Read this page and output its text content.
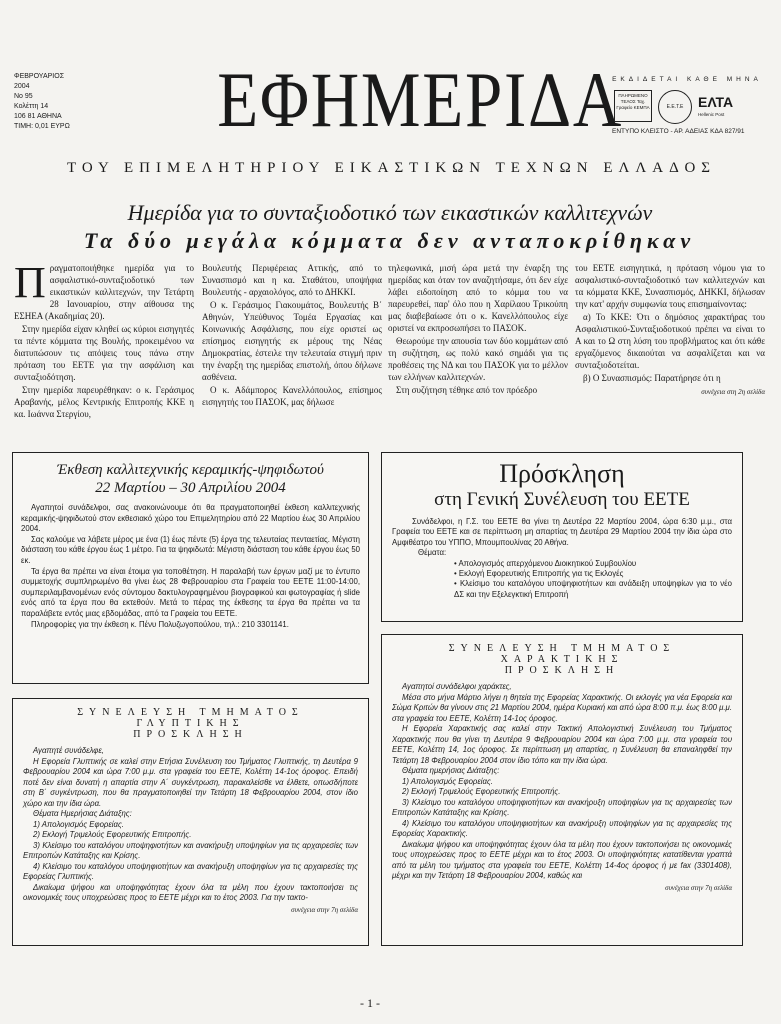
ΦΕΒΡΟΥΑΡΙΟΣ
2004
Νο 95
Κολέττη 14
106 81 ΑΘΗΝΑ
ΤΙΜΗ: 0,01 ΕΥΡΩ ΕΦΗΜΕΡΙΔΑ
ΕΚΔΙΔΕΤΑΙ ΚΑΘΕ ΜΗΝΑ
ΠΛΗΡΩΜΕΝΟ ΤΕΛΟΣ Ταχ. Γραφείο ΚΕΜΠΑ	Ε.Ε.Τ.Ε	ΕΛΤΑ
Hellenic Post
ΕΝΤΥΠΟ ΚΛΕΙΣΤΟ - ΑΡ. ΑΔΕΙΑΣ ΚΔΑ 827/91
ΤΟΥ ΕΠΙΜΕΛΗΤΗΡΙΟΥ ΕΙΚΑΣΤΙΚΩΝ ΤΕΧΝΩΝ ΕΛΛΑΔΟΣ
Ημερίδα για το συνταξιοδοτικό των εικαστικών καλλιτεχνών
Τα δύο μεγάλα κόμματα δεν ανταποκρίθηκαν
Π ραγματοποιήθηκε ημερίδα για το ασφαλιστικό-συνταξιοδοτικό των εικαστικών καλλιτεχνών, την Τετάρτη 28 Ιανουαρίου, στην αίθουσα της ΕΣΗΕΑ (Ακαδημίας 20).

Στην ημερίδα είχαν κληθεί ως κύριοι εισηγητές τα πέντε κόμματα της Βουλής, προκειμένου να διατυπώσουν τις απόψεις τους πάνω στην πρόταση του ΕΕΤΕ για την ασφάλιση και συνταξιοδότηση.

Στην ημερίδα παρευρέθηκαν: ο κ. Γεράσιμος Αραβανής, μέλος Κεντρικής Επιτροπής ΚΚΕ η κα. Ιωάννα Στεργίου,

Βουλευτής Περιφέρειας Αττικής, από το Συνασπισμό και η κα. Σταθάτου, υποψήφια Βουλευτής - αρχαιολόγος, από το ΔΗΚΚΙ.

Ο κ. Γεράσιμος Γιακουμάτος, Βουλευτής Β΄ Αθηνών, Υπεύθυνος Τομέα Εργασίας και Κοινωνικής Ασφάλισης, που είχε οριστεί ως επίσημος εισηγητής εκ μέρους της Νέας Δημοκρατίας, έστειλε την τελευταία στιγμή πριν την έναρξη της ημερίδας επιστολή, όπου δήλωνε ασθένεια.

Ο κ. Αδάμπορος Κανελλόπουλος, επίσημος εισηγητής του ΠΑΣΟΚ, μας δήλωσε

τηλεφωνικά, μισή ώρα μετά την έναρξη της ημερίδας και όταν τον αναζητήσαμε, ότι δεν είχε λάβει ειδοποίηση από το κόμμα του να παρευρεθεί, παρ' όλο που η Χαρίλαου Τρικούπη μας διαβεβαίωσε ότι ο κ. Κανελλόπουλος είχε οριστεί να εκπροσωπήσει το ΠΑΣΟΚ.

Θεωρούμε την απουσία των δύο κομμάτων από τη συζήτηση, ως πολύ κακό σημάδι για τις προθέσεις της ΝΔ και του ΠΑΣΟΚ για το μέλλον των ελλήνων καλλιτεχνών.

Στη συζήτηση τέθηκε από τον πρόεδρο

του ΕΕΤΕ εισηγητικά, η πρόταση νόμου για το ασφαλιστικό-συνταξιοδοτικό των καλλιτεχνών και τα κόμματα ΚΚΕ, Συνασπισμός, ΔΗΚΚΙ, δήλωσαν την κατ' αρχήν συμφωνία τους επισημαίνοντας:

α) Το ΚΚΕ: Ότι ο δημόσιος χαρακτήρας του Ασφαλιστικού-Συνταξιοδοτικού πρέπει να είναι το Α και το Ω στη λύση του προβλήματος και ότι κάθε εργαζόμενος δικαιούται να ασφαλίζεται και να συνταξιοδοτείται.

β) Ο Συνασπισμός: Παρατήρησε ότι η

συνέχεια στη 2η σελίδα
Έκθεση καλλιτεχνικής κεραμικής-ψηφιδωτού
22 Μαρτίου – 30 Απριλίου 2004

Αγαπητοί συνάδελφοι, σας ανακοινώνουμε ότι θα πραγματοποιηθεί έκθεση καλλιτεχνικής κεραμικής-ψηφιδωτού στον εκθεσιακό χώρο του Επιμελητηρίου από 22 Μαρτίου έως 30 Απριλίου 2004.

Σας καλούμε να λάβετε μέρος με ένα (1) έως πέντε (5) έργα της τελευταίας πενταετίας. Μέγιστη διάσταση του κάθε έργου έως 1 μέτρο. Για τα ψηφιδωτά: Μέγιστη διάσταση του κάθε έργου έως 50 εκ.

Τα έργα θα πρέπει να είναι έτοιμα για τοποθέτηση. Η παραλαβή των έργων μαζί με το έντυπο συμμετοχής συμπληρωμένο θα γίνει έως 28 Φεβρουαρίου στα Γραφεία του ΕΕΤΕ 11:00-14:00, συμπεριλαμβανομένων ενός σύντομου δακτυλογραφημένου βιογραφικού και φωτογραφίας ή slide ενός από τα έργα που θα εκτεθούν. Μετά το πέρας της έκθεσης τα έργα θα πρέπει να τα παραλάβετε εντός μιας εβδομάδας, από τα Γραφεία του ΕΕΤΕ.

Πληροφορίες για την έκθεση κ. Πένυ Πολυζωγοπούλου, τηλ.: 210 3301141.

Πρόσκληση
στη Γενική Συνέλευση του ΕΕΤΕ

Συνάδελφοι, η Γ.Σ. του ΕΕΤΕ θα γίνει τη Δευτέρα 22 Μαρτίου 2004, ώρα 6:30 μ.μ., στα Γραφεία του ΕΕΤΕ και σε περίπτωση μη απαρτίας τη Δευτέρα 29 Μαρτίου 2004 την ίδια ώρα στο Αμφιθέατρο του ΥΠΠΟ, Μπουμπουλίνας 20 Αθήνα.

Θέματα:
• Απολογισμός απερχόμενου Διοικητικού Συμβουλίου
• Εκλογή Εφορευτικής Επιτροπής για τις Εκλογές
• Κλείσιμο του καταλόγου υποψηφιοτήτων και ανάδειξη υποψηφίων για το νέο ΔΣ και την Εξελεγκτική Επιτροπή
ΣΥΝΕΛΕΥΣΗ ΤΜΗΜΑΤΟΣ ΓΛΥΠΤΙΚΗΣ
ΠΡΟΣΚΛΗΣΗ

Αγαπητέ συνάδελφε,

Η Εφορεία Γλυπτικής σε καλεί στην Ετήσια Συνέλευση του Τμήματος Γλυπτικής, τη Δευτέρα 9 Φεβρουαρίου 2004 και ώρα 7:00 μ.μ. στα γραφεία του ΕΕΤΕ, Κολέττη 14-1ος όροφος. Επειδή ποτέ δεν είναι δυνατή η απαρτία στην Α΄ συγκέντρωση, παρακαλείσθε να έλθετε, οπωσδήποτε στη Β΄ συγκέντρωση, που θα πραγματοποιηθεί την Τετάρτη 18 Φεβρουαρίου 2004, στον ίδιο χώρο και την ίδια ώρα.

Θέματα Ημερήσιας Διάταξης:

1) Απολογισμός Εφορείας.

2) Εκλογή Τριμελούς Εφορευτικής Επιτροπής.

3) Κλείσιμο του καταλόγου υποψηφιοτήτων και ανακήρυξη υποψηφίων για τις αρχαιρεσίες των Επιτροπών Κατάταξης και Κρίσης.

4) Κλείσιμο του καταλόγου υποψηφιοτήτων και ανακήρυξη υποψηφίων για τις αρχαιρεσίες της Εφορείας Γλυπτικής.

Δικαίωμα ψήφου και υποψηφιότητας έχουν όλα τα μέλη που έχουν τακτοποιήσει τις οικονομικές τους υποχρεώσεις προς το ΕΕΤΕ μέχρι και το έτος 2003. Για την τακτο-

συνέχεια στην 7η σελίδα
ΣΥΝΕΛΕΥΣΗ ΤΜΗΜΑΤΟΣ ΧΑΡΑΚΤΙΚΗΣ
ΠΡΟΣΚΛΗΣΗ

Αγαπητοί συνάδελφοι χαράκτες,

Μέσα στο μήνα Μάρτιο λήγει η θητεία της Εφορείας Χαρακτικής. Οι εκλογές για νέα Εφορεία και Σώμα Κριτών θα γίνουν στις 21 Μαρτίου 2004, ημέρα Κυριακή και από ώρα 8:00 π.μ. έως 8:00 μ.μ. στα γραφεία του ΕΕΤΕ, Κολέττη 14-1ος όροφος.

Η Εφορεία Χαρακτικής σας καλεί στην Τακτική Απολογιστική Συνέλευση του Τμήματος Χαρακτικής που θα γίνει τη Δευτέρα 9 Φεβρουαρίου 2004 και ώρα 7:00 μ.μ. στα γραφεία του ΕΕΤΕ, Κολέττη 14, 1ος όροφος. Σε περίπτωση μη απαρτίας, η Συνέλευση θα επαναληφθεί την Τετάρτη 18 Φεβρουαρίου 2004 στον ίδιο τόπο και την ίδια ώρα.

Θέματα ημερήσιας Διάταξης:

1) Απολογισμός Εφορείας.

2) Εκλογή Τριμελούς Εφορευτικής Επιτροπής.

3) Κλείσιμο του καταλόγου υποψηφιοτήτων και ανακήρυξη υποψηφίων για τις αρχαιρεσίες των Επιτροπών Κατάταξης και Κρίσης.

4) Κλείσιμο του καταλόγου υποψηφιοτήτων και ανακήρυξη υποψηφίων για τις αρχαιρεσίες της Εφορείας Χαρακτικής.

Δικαίωμα ψήφου και υποψηφιότητας έχουν όλα τα μέλη που έχουν τακτοποιήσει τις οικονομικές τους υποχρεώσεις προς το ΕΕΤΕ μέχρι και το έτος 2003. Οι υποψηφιότητες κατατίθενται γραπτά από τα μέλη του τμήματος στα γραφεία του ΕΕΤΕ, Κολέττη 14-4ος όροφος ή με fax (3301408), μέχρι και την Τετάρτη 18 Φεβρουαρίου 2004, καθώς και

συνέχεια στην 7η σελίδα
- 1 -
